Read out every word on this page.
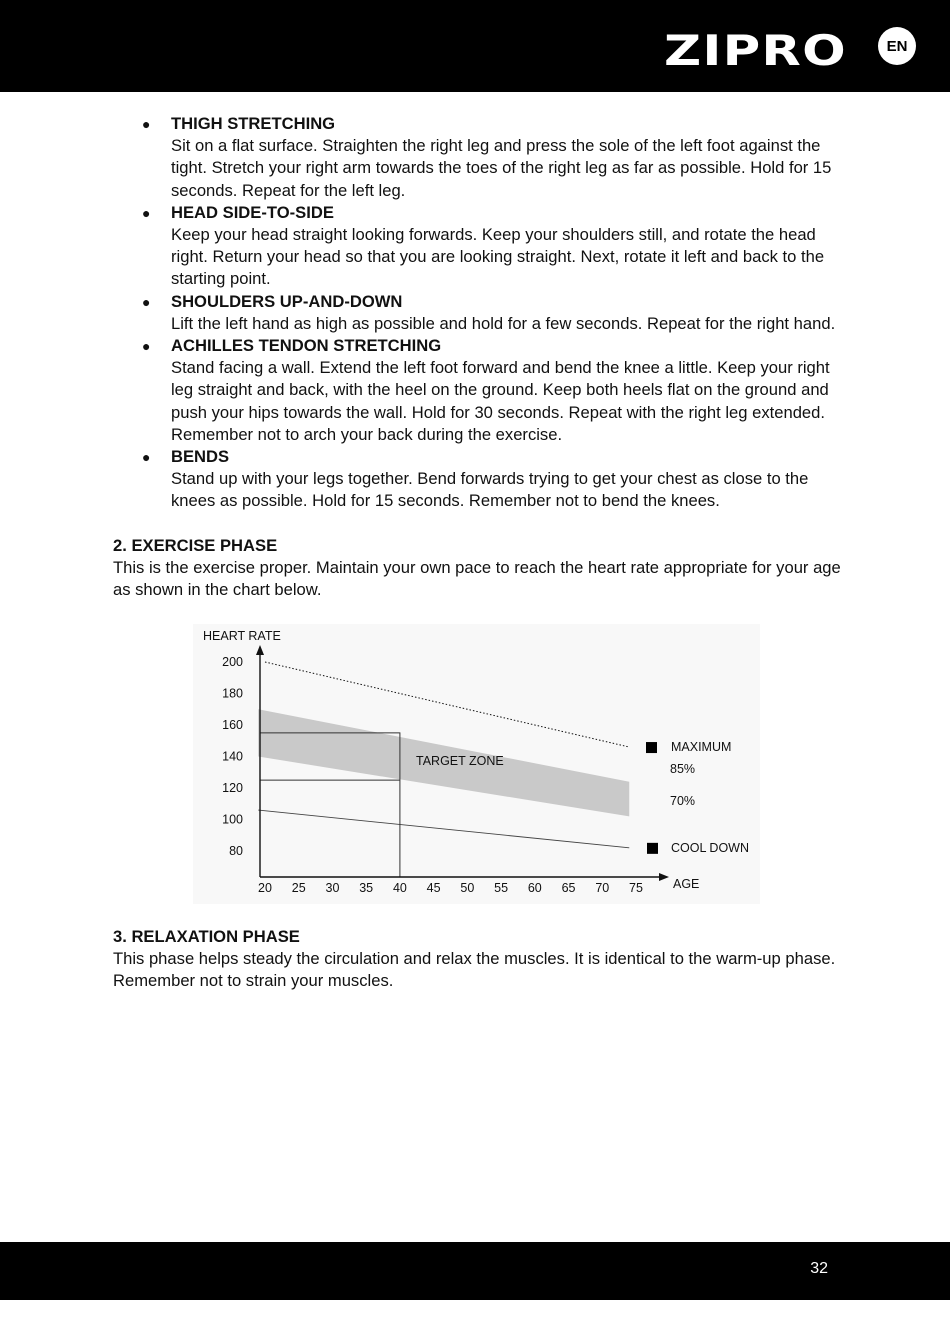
ZIPRO	EN
● THIGH STRETCHING
Sit on a flat surface. Straighten the right leg and press the sole of the left foot against the tight. Stretch your right arm towards the toes of the right leg as far as possible. Hold for 15 seconds. Repeat for the left leg.
● HEAD SIDE-TO-SIDE
Keep your head straight looking forwards. Keep your shoulders still, and rotate the head right. Return your head so that you are looking straight. Next, rotate it left and back to the starting point.
● SHOULDERS UP-AND-DOWN
Lift the left hand as high as possible and hold for a few seconds. Repeat for the right hand.
● ACHILLES TENDON STRETCHING
Stand facing a wall. Extend the left foot forward and bend the knee a little. Keep your right leg straight and back, with the heel on the ground. Keep both heels flat on the ground and push your hips towards the wall. Hold for 30 seconds. Repeat with the right leg extended. Remember not to arch your back during the exercise.
● BENDS
Stand up with your legs together. Bend forwards trying to get your chest as close to the knees as possible. Hold for 15 seconds. Remember not to bend the knees.
2. EXERCISE PHASE

This is the exercise proper. Maintain your own pace to reach the heart rate appropriate for your age as shown in the chart below.

HEART RATE
AGE
200
180
160
140
120
100
80
20 25 30 35 40 45 50 55 60 65 70 75
TARGET ZONE
MAXIMUM
85%
70%
COOL DOWN
3. RELAXATION PHASE

This phase helps steady the circulation and relax the muscles. It is identical to the warm-up phase. Remember not to strain your muscles.

32
